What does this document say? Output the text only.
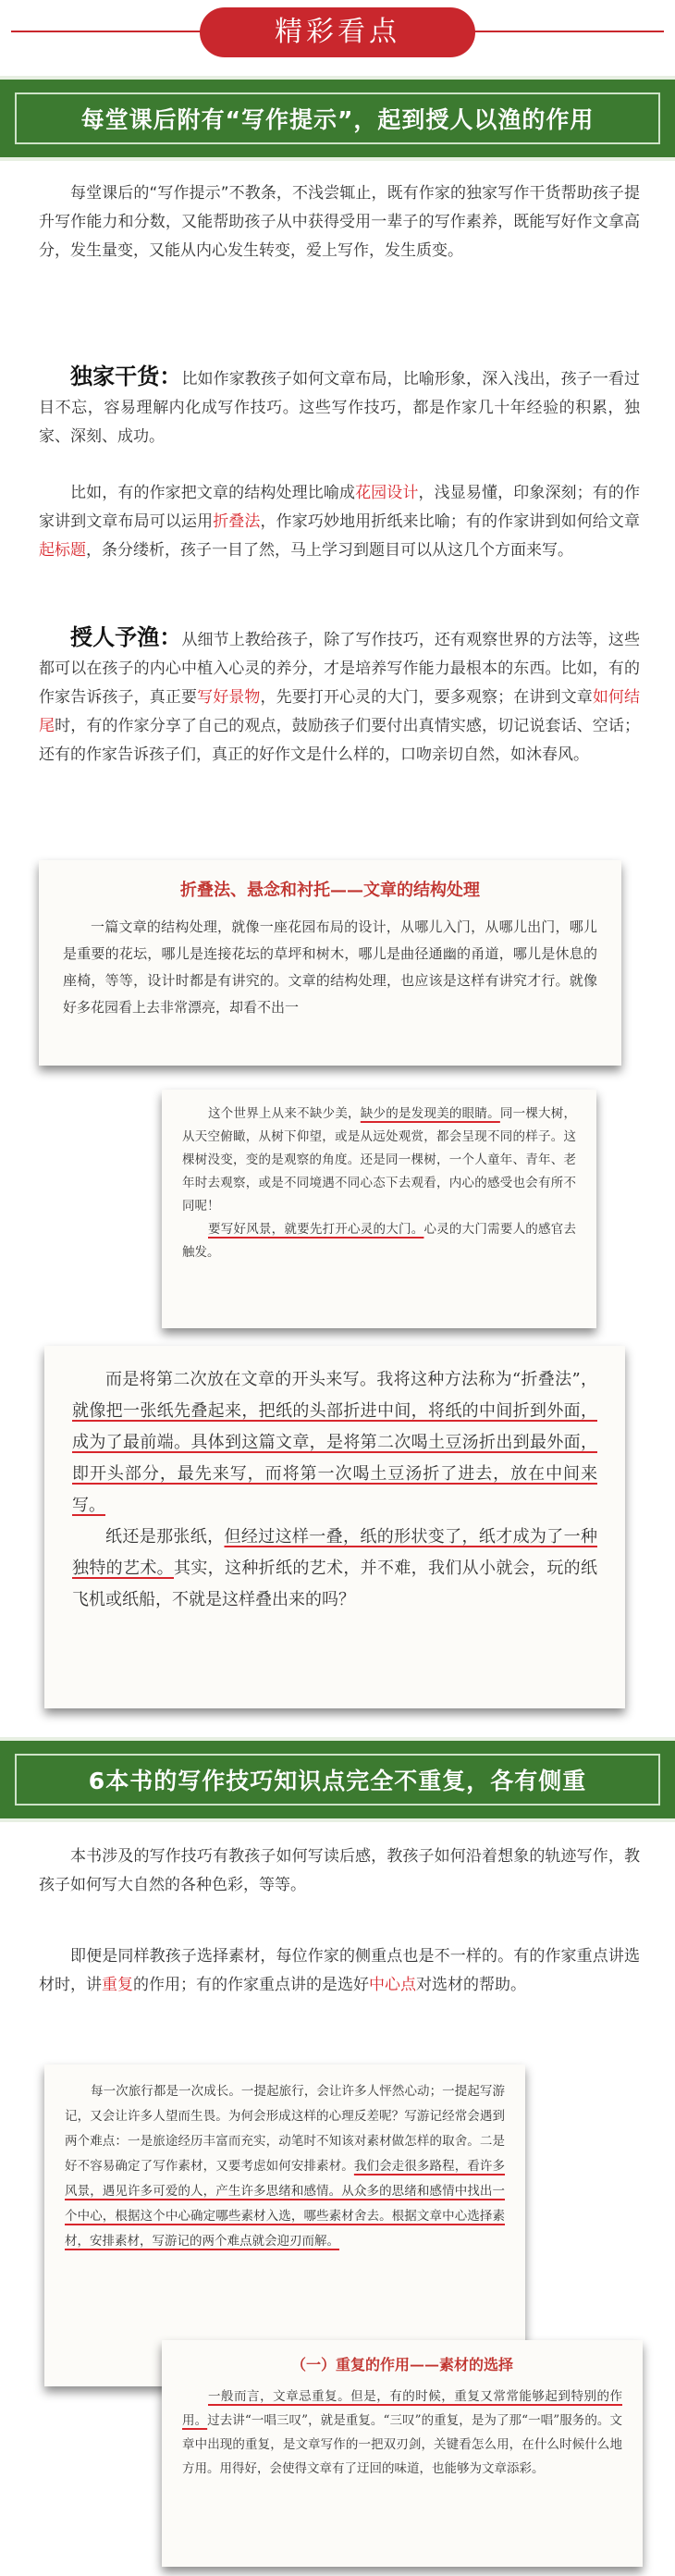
精彩看点
每堂课后附有“写作提示”，起到授人以渔的作用
每堂课后的“写作提示”不教条，不浅尝辄止，既有作家的独家写作干货帮助孩子提升写作能力和分数，又能帮助孩子从中获得受用一辈子的写作素养，既能写好作文拿高分，发生量变，又能从内心发生转变，爱上写作，发生质变。
独家干货：比如作家教孩子如何文章布局，比喻形象，深入浅出，孩子一看过目不忘，容易理解内化成写作技巧。这些写作技巧，都是作家几十年经验的积累，独家、深刻、成功。
比如，有的作家把文章的结构处理比喻成花园设计，浅显易懂，印象深刻；有的作家讲到文章布局可以运用折叠法，作家巧妙地用折纸来比喻；有的作家讲到如何给文章起标题，条分缕析，孩子一目了然，马上学习到题目可以从这几个方面来写。
授人予渔：从细节上教给孩子，除了写作技巧，还有观察世界的方法等，这些都可以在孩子的内心中植入心灵的养分，才是培养写作能力最根本的东西。比如，有的作家告诉孩子，真正要写好景物，先要打开心灵的大门，要多观察；在讲到文章如何结尾时，有的作家分享了自己的观点，鼓励孩子们要付出真情实感，切记说套话、空话；还有的作家告诉孩子们，真正的好作文是什么样的，口吻亲切自然，如沐春风。
折叠法、悬念和衬托——文章的结构处理
一篇文章的结构处理，就像一座花园布局的设计，从哪儿入门，从哪儿出门，哪儿是重要的花坛，哪儿是连接花坛的草坪和树木，哪儿是曲径通幽的甬道，哪儿是休息的座椅，等等，设计时都是有讲究的。文章的结构处理，也应该是这样有讲究才行。就像好多花园看上去非常漂亮，却看不出一
这个世界上从来不缺少美，缺少的是发现美的眼睛。同一棵大树，从天空俯瞰，从树下仰望，或是从远处观赏，都会呈现不同的样子。这棵树没变，变的是观察的角度。还是同一棵树，一个人童年、青年、老年时去观察，或是不同境遇不同心态下去观看，内心的感受也会有所不同呢！
要写好风景，就要先打开心灵的大门。心灵的大门需要人的感官去触发。
而是将第二次放在文章的开头来写。我将这种方法称为“折叠法”，就像把一张纸先叠起来，把纸的头部折进中间，将纸的中间折到外面，成为了最前端。具体到这篇文章，是将第二次喝土豆汤折出到最外面，即开头部分，最先来写，而将第一次喝土豆汤折了进去，放在中间来写。
纸还是那张纸，但经过这样一叠，纸的形状变了，纸才成为了一种独特的艺术。其实，这种折纸的艺术，并不难，我们从小就会，玩的纸飞机或纸船，不就是这样叠出来的吗？
6本书的写作技巧知识点完全不重复，各有侧重
本书涉及的写作技巧有教孩子如何写读后感，教孩子如何沿着想象的轨迹写作，教孩子如何写大自然的各种色彩，等等。
即便是同样教孩子选择素材，每位作家的侧重点也是不一样的。有的作家重点讲选材时，讲重复的作用；有的作家重点讲的是选好中心点对选材的帮助。
每一次旅行都是一次成长。一提起旅行，会让许多人怦然心动；一提起写游记，又会让许多人望而生畏。为何会形成这样的心理反差呢？写游记经常会遇到两个难点：一是旅途经历丰富而充实，动笔时不知该对素材做怎样的取舍。二是好不容易确定了写作素材，又要考虑如何安排素材。我们会走很多路程，看许多风景，遇见许多可爱的人，产生许多思绪和感情。从众多的思绪和感情中找出一个中心，根据这个中心确定哪些素材入选，哪些素材舍去。根据文章中心选择素材，安排素材，写游记的两个难点就会迎刃而解。
（一）重复的作用——素材的选择
一般而言，文章忌重复。但是，有的时候，重复又常常能够起到特别的作用。过去讲“一唱三叹”，就是重复。“三叹”的重复，是为了那“一唱”服务的。文章中出现的重复，是文章写作的一把双刃剑，关键看怎么用，在什么时候什么地方用。用得好，会使得文章有了迂回的味道，也能够为文章添彩。
